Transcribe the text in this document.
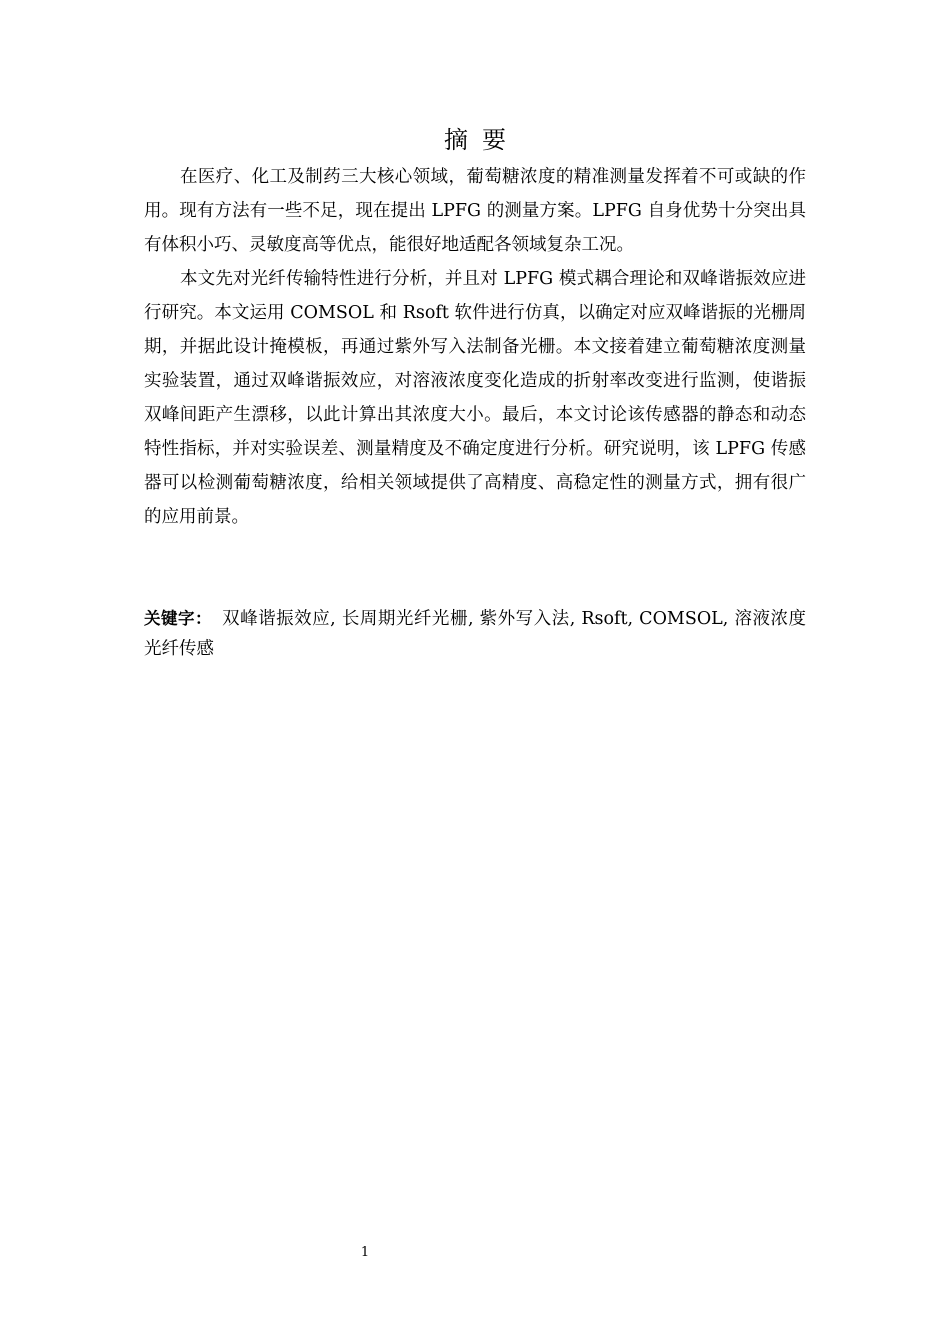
摘要

在医疗、化工及制药三大核心领域，葡萄糖浓度的精准测量发挥着不可或缺的作用。现有方法有一些不足，现在提出 LPFG 的测量方案。LPFG 自身优势十分突出具有体积小巧、灵敏度高等优点，能很好地适配各领域复杂工况。

本文先对光纤传输特性进行分析，并且对 LPFG 模式耦合理论和双峰谐振效应进行研究。本文运用 COMSOL 和 Rsoft 软件进行仿真，以确定对应双峰谐振的光栅周期，并据此设计掩模板，再通过紫外写入法制备光栅。本文接着建立葡萄糖浓度测量实验装置，通过双峰谐振效应，对溶液浓度变化造成的折射率改变进行监测，使谐振双峰间距产生漂移，以此计算出其浓度大小。最后，本文讨论该传感器的静态和动态特性指标，并对实验误差、测量精度及不确定度进行分析。研究说明，该 LPFG 传感器可以检测葡萄糖浓度，给相关领域提供了高精度、高稳定性的测量方式，拥有很广的应用前景。

关键字： 双峰谐振效应, 长周期光纤光栅, 紫外写入法, Rsoft, COMSOL, 溶液浓度光纤传感
1
